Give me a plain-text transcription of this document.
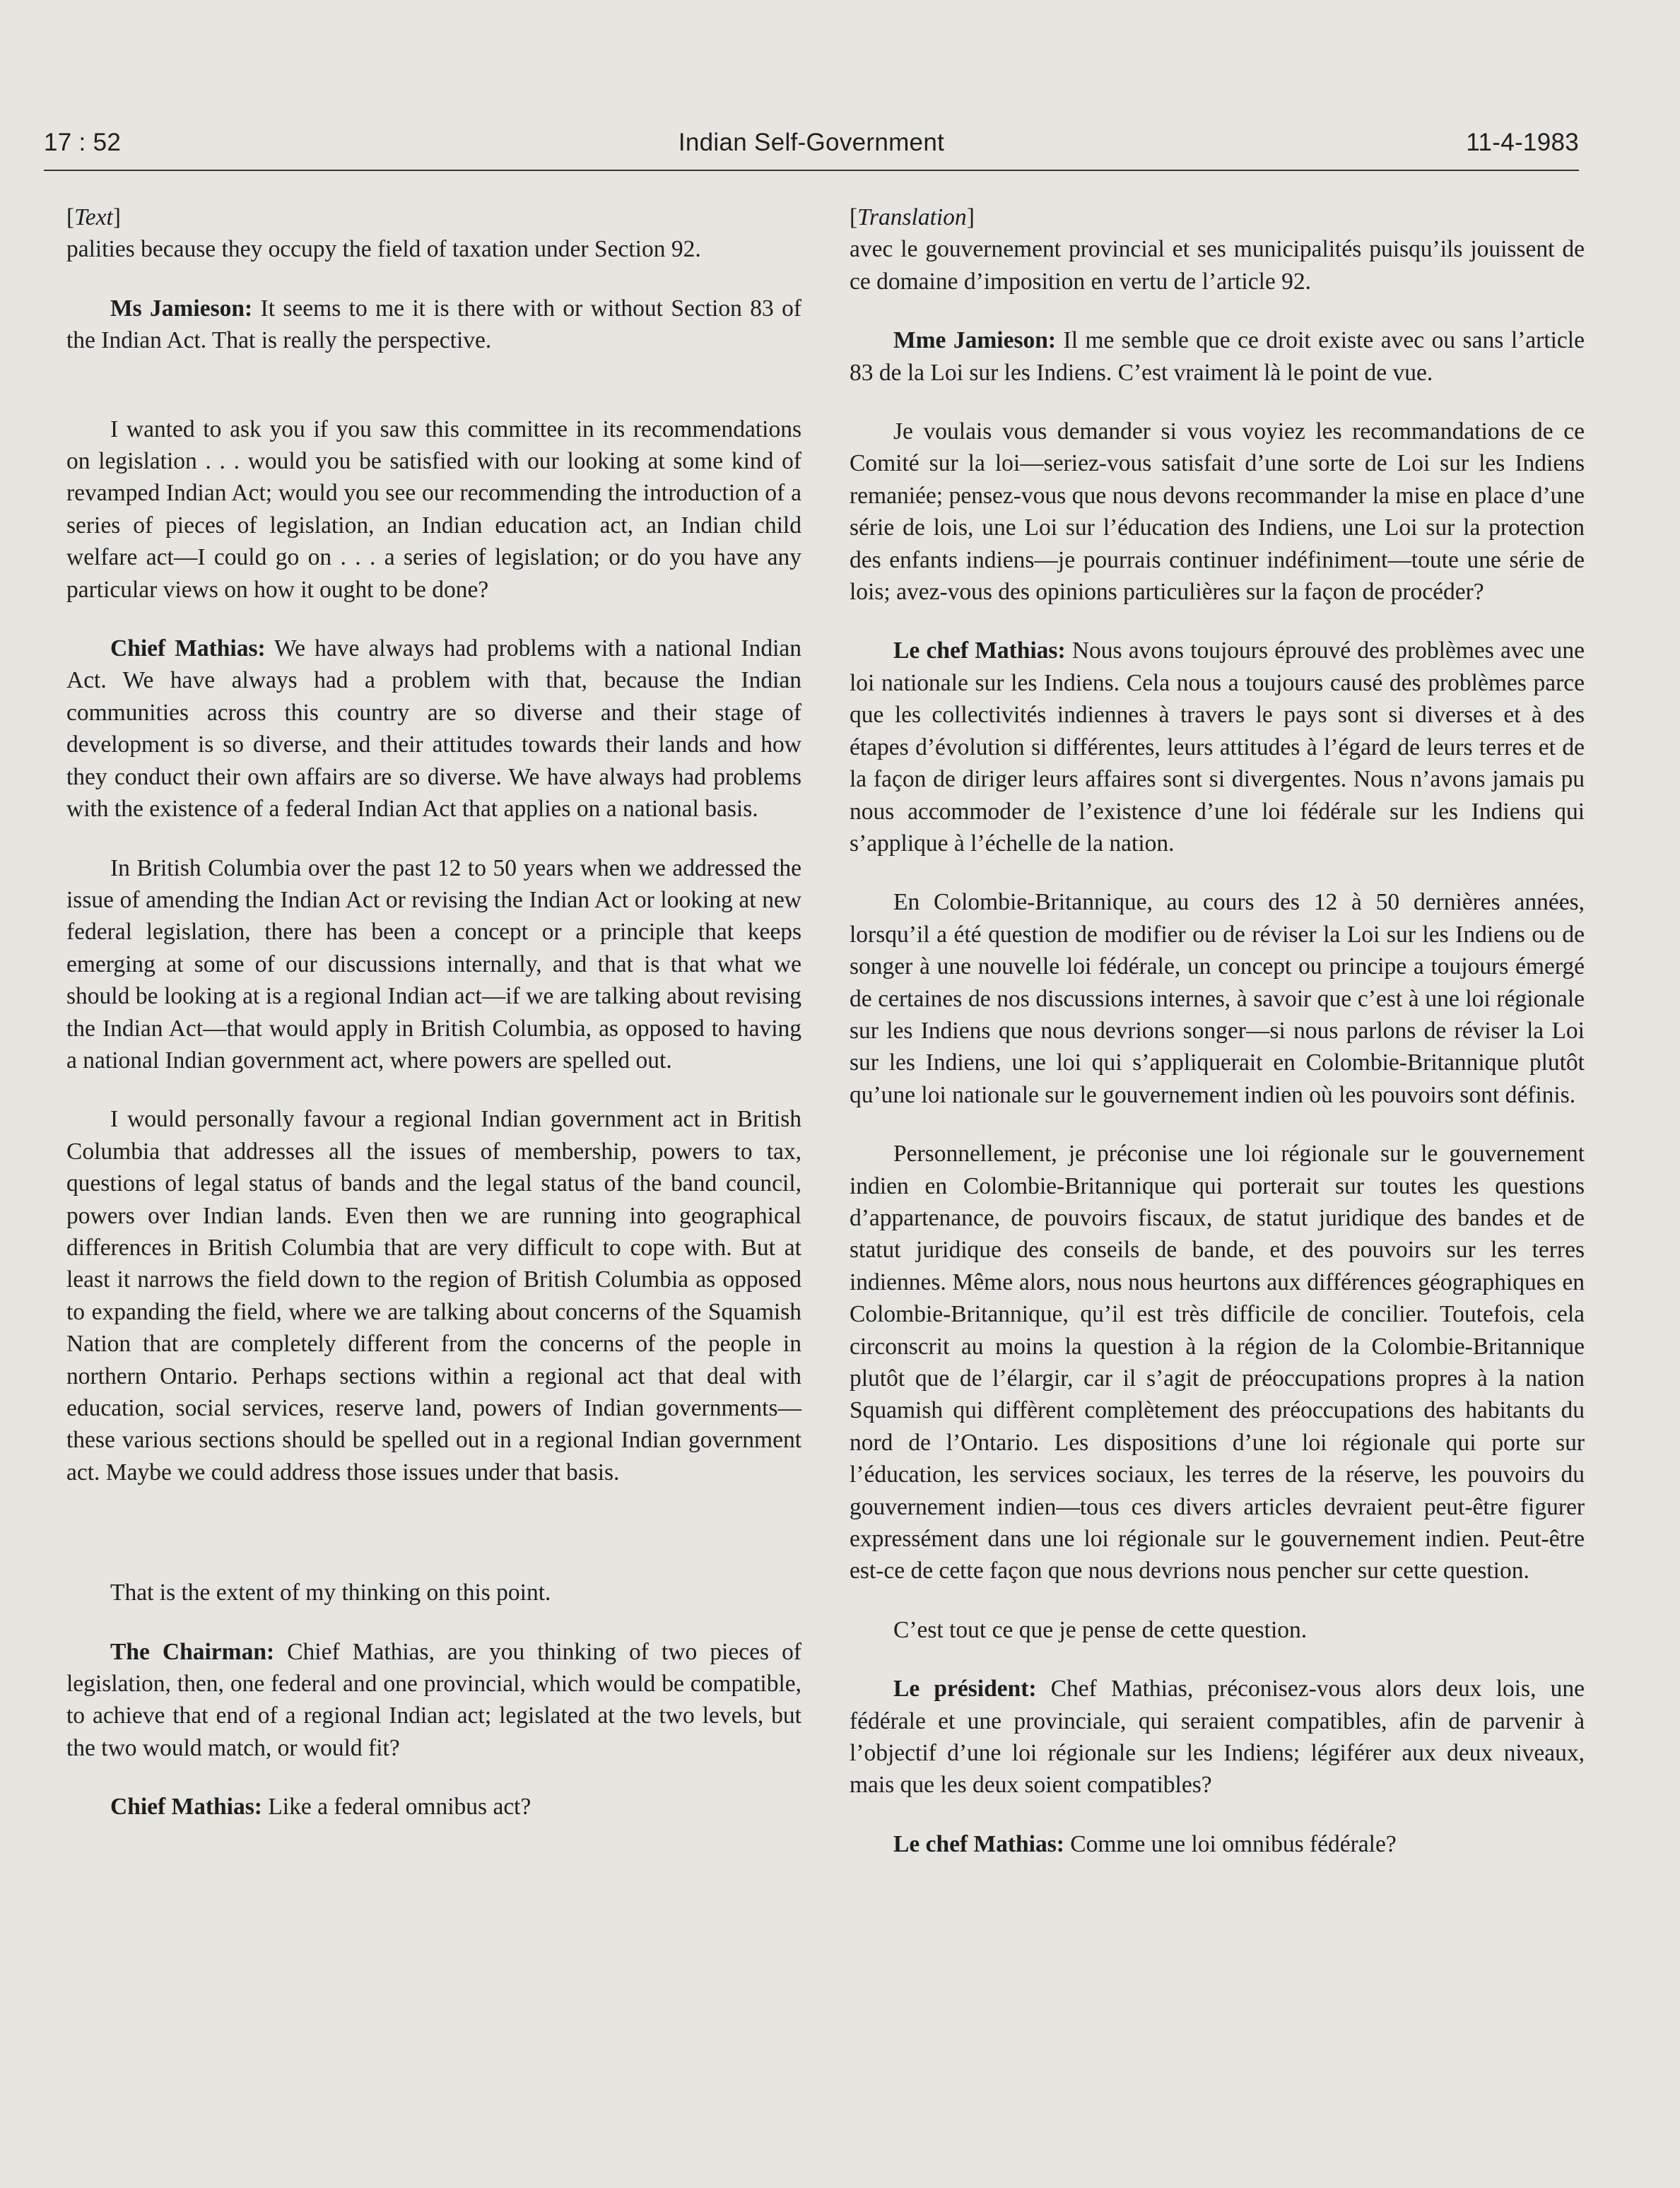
17 : 52	Indian Self-Government	11-4-1983

[Text]

palities because they occupy the field of taxation under Section 92.

Ms Jamieson: It seems to me it is there with or without Section 83 of the Indian Act. That is really the perspective.

I wanted to ask you if you saw this committee in its recommendations on legislation . . . would you be satisfied with our looking at some kind of revamped Indian Act; would you see our recommending the introduction of a series of pieces of legislation, an Indian education act, an Indian child welfare act—I could go on . . . a series of legislation; or do you have any particular views on how it ought to be done?

Chief Mathias: We have always had problems with a national Indian Act. We have always had a problem with that, because the Indian communities across this country are so diverse and their stage of development is so diverse, and their attitudes towards their lands and how they conduct their own affairs are so diverse. We have always had problems with the existence of a federal Indian Act that applies on a national basis.

In British Columbia over the past 12 to 50 years when we addressed the issue of amending the Indian Act or revising the Indian Act or looking at new federal legislation, there has been a concept or a principle that keeps emerging at some of our discussions internally, and that is that what we should be looking at is a regional Indian act—if we are talking about revising the Indian Act—that would apply in British Columbia, as opposed to having a national Indian government act, where powers are spelled out.

I would personally favour a regional Indian government act in British Columbia that addresses all the issues of membership, powers to tax, questions of legal status of bands and the legal status of the band council, powers over Indian lands. Even then we are running into geographical differences in British Columbia that are very difficult to cope with. But at least it narrows the field down to the region of British Columbia as opposed to expanding the field, where we are talking about concerns of the Squamish Nation that are completely different from the concerns of the people in northern Ontario. Perhaps sections within a regional act that deal with education, social services, reserve land, powers of Indian governments—these various sections should be spelled out in a regional Indian government act. Maybe we could address those issues under that basis.

That is the extent of my thinking on this point.

The Chairman: Chief Mathias, are you thinking of two pieces of legislation, then, one federal and one provincial, which would be compatible, to achieve that end of a regional Indian act; legislated at the two levels, but the two would match, or would fit?

Chief Mathias: Like a federal omnibus act?

[Translation]

avec le gouvernement provincial et ses municipalités puisqu’ils jouissent de ce domaine d’imposition en vertu de l’article 92.

Mme Jamieson: Il me semble que ce droit existe avec ou sans l’article 83 de la Loi sur les Indiens. C’est vraiment là le point de vue.

Je voulais vous demander si vous voyiez les recommandations de ce Comité sur la loi—seriez-vous satisfait d’une sorte de Loi sur les Indiens remaniée; pensez-vous que nous devons recommander la mise en place d’une série de lois, une Loi sur l’éducation des Indiens, une Loi sur la protection des enfants indiens—je pourrais continuer indéfiniment—toute une série de lois; avez-vous des opinions particulières sur la façon de procéder?

Le chef Mathias: Nous avons toujours éprouvé des problèmes avec une loi nationale sur les Indiens. Cela nous a toujours causé des problèmes parce que les collectivités indiennes à travers le pays sont si diverses et à des étapes d’évolution si différentes, leurs attitudes à l’égard de leurs terres et de la façon de diriger leurs affaires sont si divergentes. Nous n’avons jamais pu nous accommoder de l’existence d’une loi fédérale sur les Indiens qui s’applique à l’échelle de la nation.

En Colombie-Britannique, au cours des 12 à 50 dernières années, lorsqu’il a été question de modifier ou de réviser la Loi sur les Indiens ou de songer à une nouvelle loi fédérale, un concept ou principe a toujours émergé de certaines de nos discussions internes, à savoir que c’est à une loi régionale sur les Indiens que nous devrions songer—si nous parlons de réviser la Loi sur les Indiens, une loi qui s’appliquerait en Colombie-Britannique plutôt qu’une loi nationale sur le gouvernement indien où les pouvoirs sont définis.

Personnellement, je préconise une loi régionale sur le gouvernement indien en Colombie-Britannique qui porterait sur toutes les questions d’appartenance, de pouvoirs fiscaux, de statut juridique des bandes et de statut juridique des conseils de bande, et des pouvoirs sur les terres indiennes. Même alors, nous nous heurtons aux différences géographiques en Colombie-Britannique, qu’il est très difficile de concilier. Toutefois, cela circonscrit au moins la question à la région de la Colombie-Britannique plutôt que de l’élargir, car il s’agit de préoccupations propres à la nation Squamish qui diffèrent complètement des préoccupations des habitants du nord de l’Ontario. Les dispositions d’une loi régionale qui porte sur l’éducation, les services sociaux, les terres de la réserve, les pouvoirs du gouvernement indien—tous ces divers articles devraient peut-être figurer expressément dans une loi régionale sur le gouvernement indien. Peut-être est-ce de cette façon que nous devrions nous pencher sur cette question.

C’est tout ce que je pense de cette question.

Le président: Chef Mathias, préconisez-vous alors deux lois, une fédérale et une provinciale, qui seraient compatibles, afin de parvenir à l’objectif d’une loi régionale sur les Indiens; légiférer aux deux niveaux, mais que les deux soient compatibles?

Le chef Mathias: Comme une loi omnibus fédérale?
